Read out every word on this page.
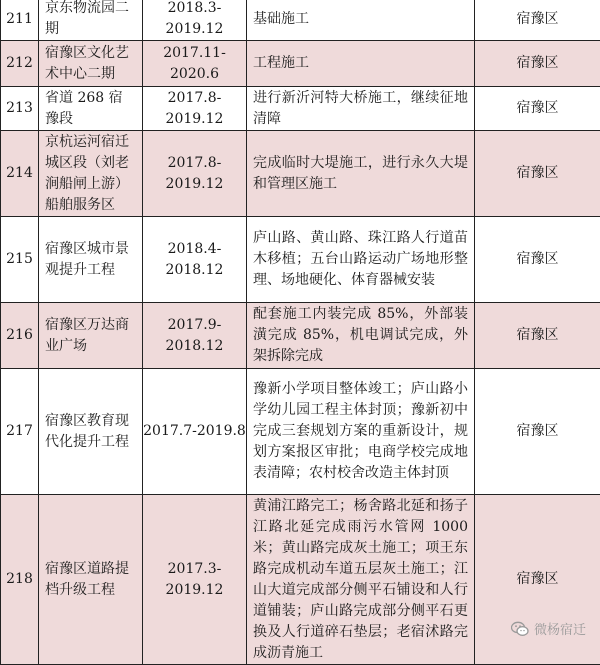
211	京东物流园二期	2018.3-2019.12	基础施工	宿豫区
212	宿豫区文化艺术中心二期	2017.11-2020.6	工程施工	宿豫区
213	省道 268 宿豫段	2017.8-2019.12	进行新沂河特大桥施工，继续征地清障	宿豫区
214	京杭运河宿迁城区段（刘老涧船闸上游）船舶服务区	2017.8-2019.12	完成临时大堤施工，进行永久大堤和管理区施工	宿豫区
215	宿豫区城市景观提升工程	2018.4-2018.12	庐山路、黄山路、珠江路人行道苗木移植；五台山路运动广场地形整理、场地硬化、体育器械安装	宿豫区
216	宿豫区万达商业广场	2017.9-2018.12	配套施工内装完成 85%，外部装潢完成 85%，机电调试完成，外架拆除完成	宿豫区
217	宿豫区教育现代化提升工程	2017.7-2019.8	豫新小学项目整体竣工；庐山路小学幼儿园工程主体封顶；豫新初中完成三套规划方案的重新设计，规划方案报区审批；电商学校完成地表清障；农村校舍改造主体封顶	宿豫区
218	宿豫区道路提档升级工程	2017.3-2019.12	黄浦江路完工；杨舍路北延和扬子江路北延完成雨污水管网 1000 米；黄山路完成灰土施工；项王东路完成机动车道五层灰土施工；江山大道完成部分侧平石铺设和人行道铺装；庐山路完成部分侧平石更换及人行道碎石垫层；老宿沭路完成沥青施工	宿豫区
微杨宿迁
